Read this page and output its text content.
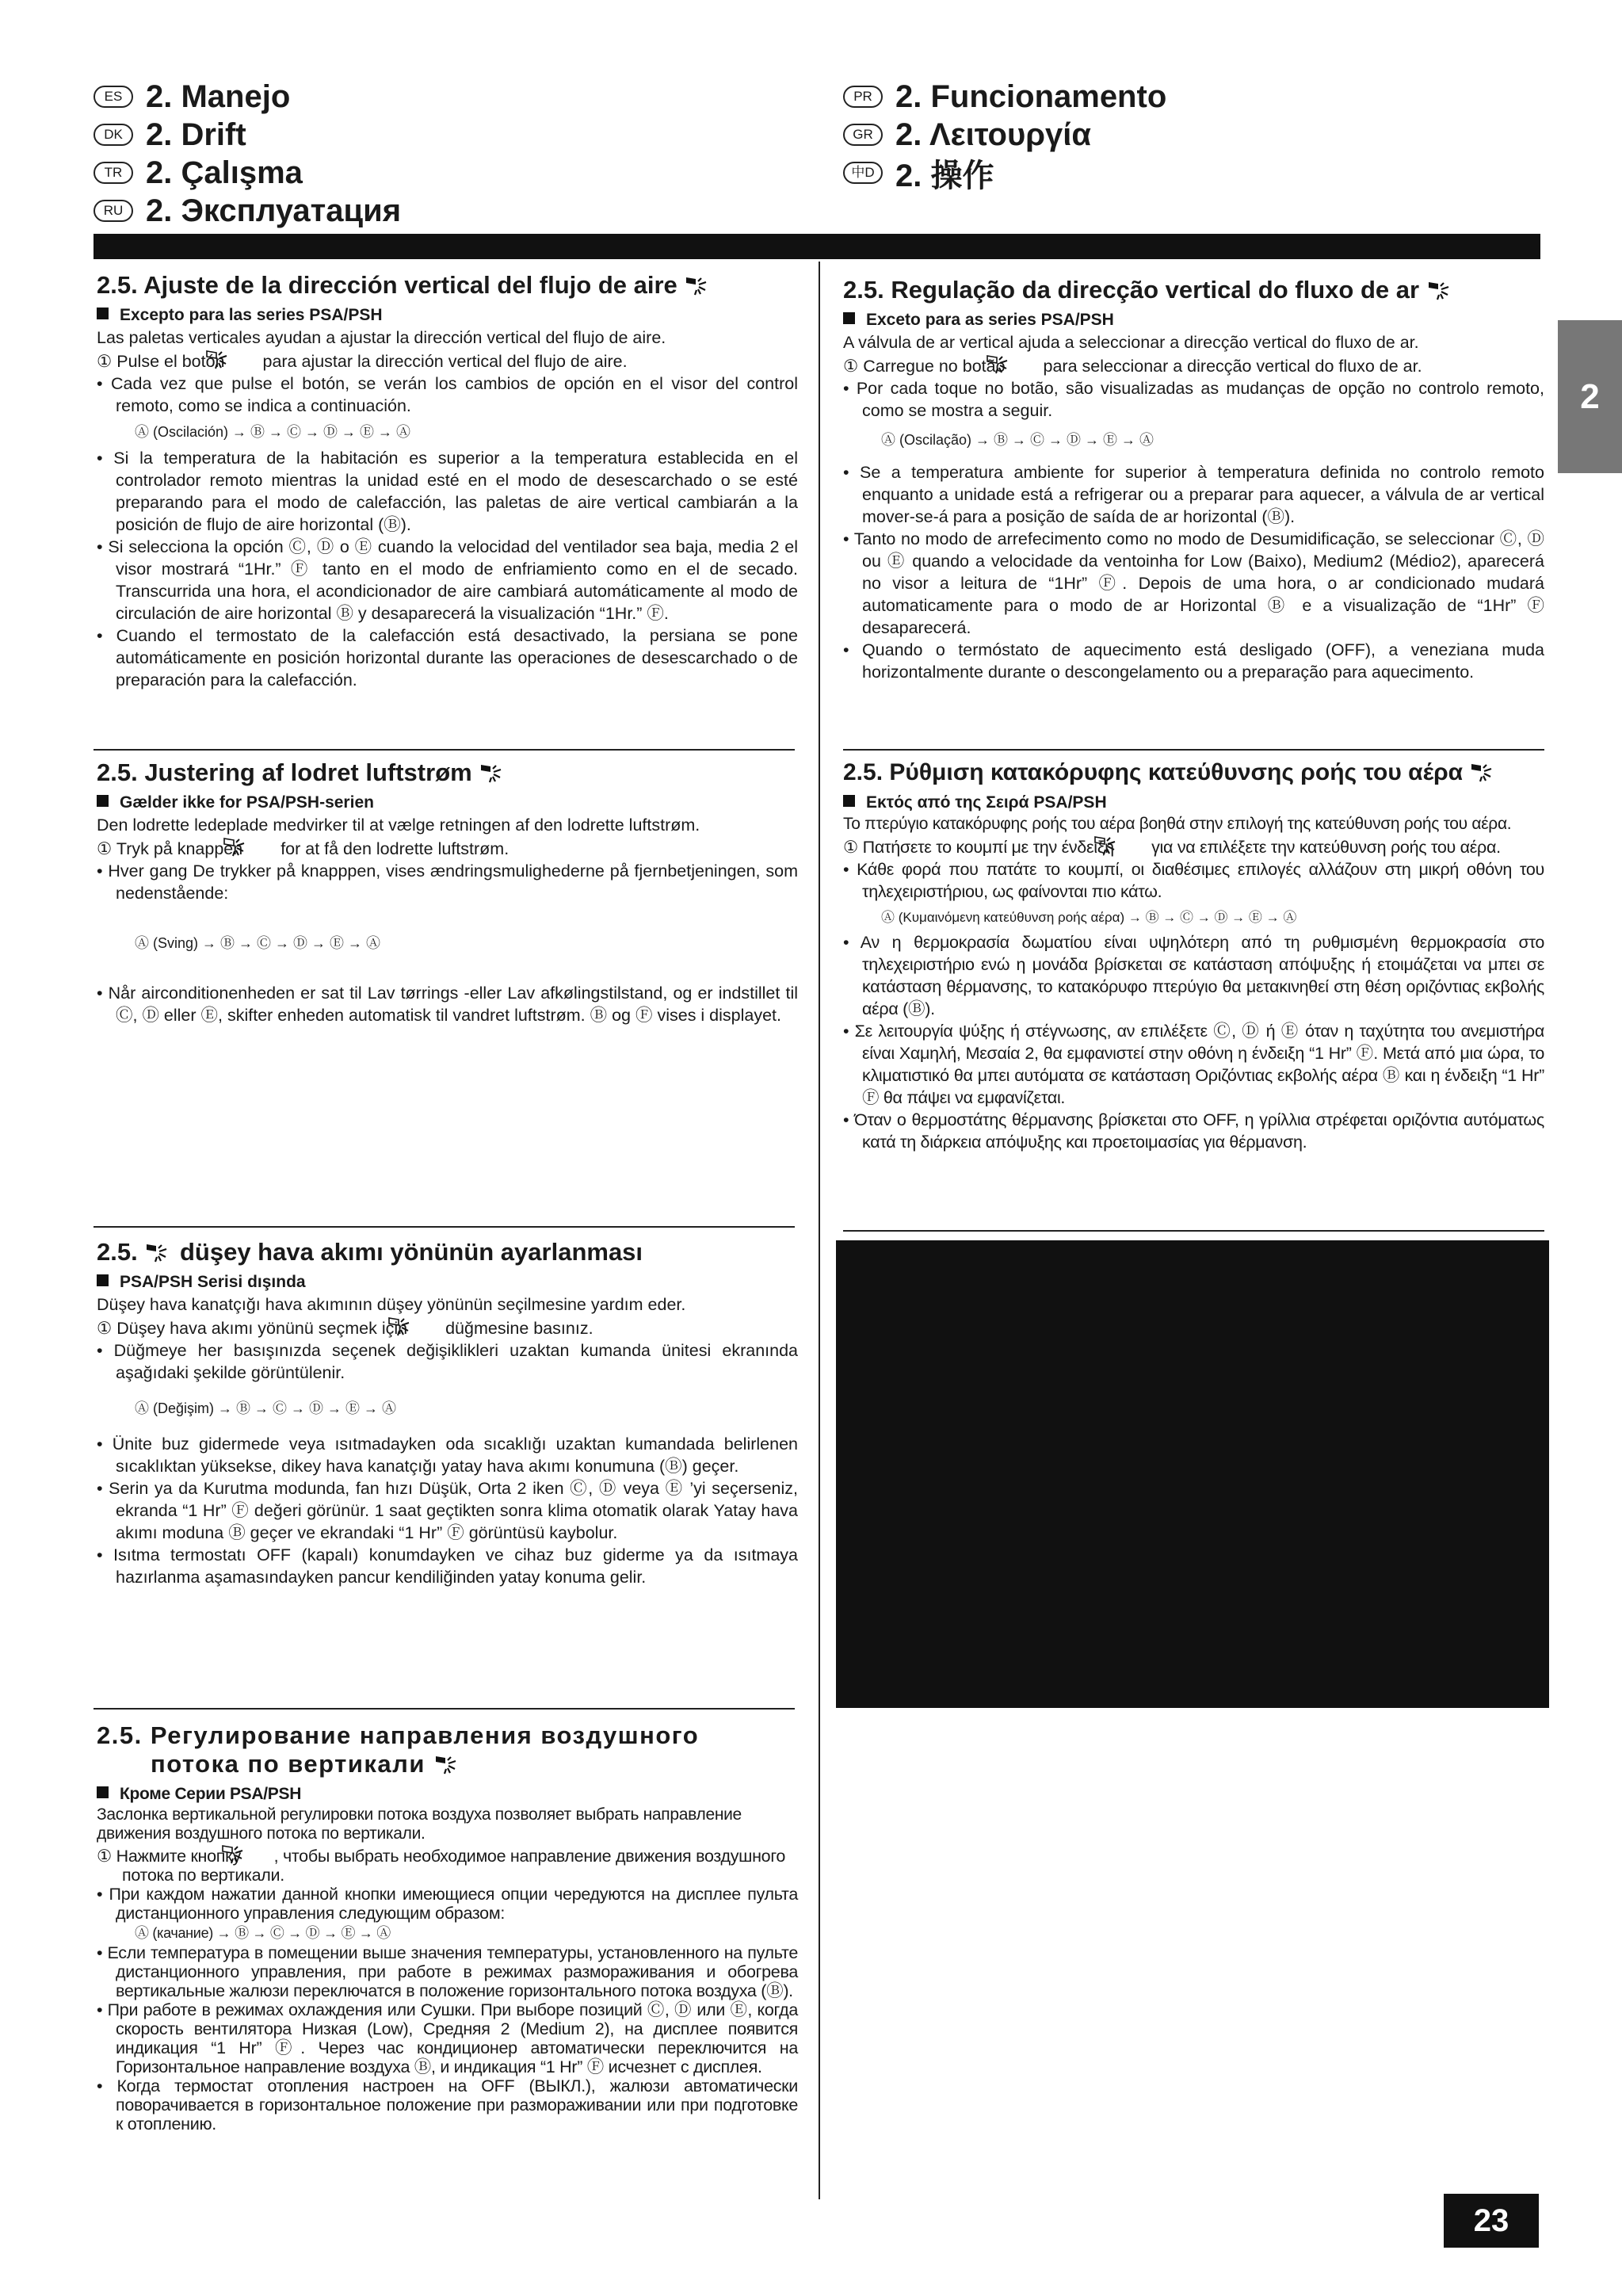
ES 2. Manejo
DK 2. Drift
TR 2. Çalışma
RU 2. Эксплуатация
PR 2. Funcionamento
GR 2. Λειτουργία
中D 2. 操作
2
2.5. Ajuste de la dirección vertical del flujo de aire

Excepto para las series PSA/PSH

Las paletas verticales ayudan a ajustar la dirección vertical del flujo de aire.

① Pulse el botón para ajustar la dirección vertical del flujo de aire.

• Cada vez que pulse el botón, se verán los cambios de opción en el visor del control remoto, como se indica a continuación.

Ⓐ (Oscilación) → Ⓑ → Ⓒ → Ⓓ → Ⓔ → Ⓐ

• Si la temperatura de la habitación es superior a la temperatura establecida en el controlador remoto mientras la unidad esté en el modo de desescarchado o se esté preparando para el modo de calefacción, las paletas de aire vertical cambiarán a la posición de flujo de aire horizontal (Ⓑ).

• Si selecciona la opción Ⓒ, Ⓓ o Ⓔ cuando la velocidad del ventilador sea baja, media 2 el visor mostrará “1Hr.” Ⓕ tanto en el modo de enfriamiento como en el de secado. Transcurrida una hora, el acondicionador de aire cambiará automáticamente al modo de circulación de aire horizontal Ⓑ y desaparecerá la visualización “1Hr.” Ⓕ.

• Cuando el termostato de la calefacción está desactivado, la persiana se pone automáticamente en posición horizontal durante las operaciones de desescarchado o de preparación para la calefacción.

2.5. Justering af lodret luftstrøm

Gælder ikke for PSA/PSH-serien

Den lodrette ledeplade medvirker til at vælge retningen af den lodrette luftstrøm.

① Tryk på knappen for at få den lodrette luftstrøm.

• Hver gang De trykker på knapppen, vises ændringsmulighederne på fjernbetjeningen, som nedenstående:

Ⓐ (Sving) → Ⓑ → Ⓒ → Ⓓ → Ⓔ → Ⓐ

• Når airconditionenheden er sat til Lav tørrings -eller Lav afkølingstilstand, og er indstillet til Ⓒ, Ⓓ eller Ⓔ, skifter enheden automatisk til vandret luftstrøm. Ⓑ og Ⓕ vises i displayet.

2.5. düşey hava akımı yönünün ayarlanması

PSA/PSH Serisi dışında

Düşey hava kanatçığı hava akımının düşey yönünün seçilmesine yardım eder.

① Düşey hava akımı yönünü seçmek için düğmesine basınız.

• Düğmeye her basışınızda seçenek değişiklikleri uzaktan kumanda ünitesi ekranında aşağıdaki şekilde görüntülenir.

Ⓐ (Değişim) → Ⓑ → Ⓒ → Ⓓ → Ⓔ → Ⓐ

• Ünite buz gidermede veya ısıtmadayken oda sıcaklığı uzaktan kumandada belirlenen sıcaklıktan yüksekse, dikey hava kanatçığı yatay hava akımı konumuna (Ⓑ) geçer.

• Serin ya da Kurutma modunda, fan hızı Düşük, Orta 2 iken Ⓒ, Ⓓ veya Ⓔ ’yi seçerseniz, ekranda “1 Hr” Ⓕ değeri görünür. 1 saat geçtikten sonra klima otomatik olarak Yatay hava akımı moduna Ⓑ geçer ve ekrandaki “1 Hr” Ⓕ görüntüsü kaybolur.

• Isıtma termostatı OFF (kapalı) konumdayken ve cihaz buz giderme ya da ısıtmaya hazırlanma aşamasındayken pancur kendiliğinden yatay konuma gelir.

2.5. Регулирование направления воздушного
потока по вертикали

Кроме Серии PSA/PSH

Заслонка вертикальной регулировки потока воздуха позволяет выбрать направление движения воздушного потока по вертикали.

① Нажмите кнопку , чтобы выбрать необходимое направление движения воздушного потока по вертикали.

• При каждом нажатии данной кнопки имеющиеся опции чередуются на дисплее пульта дистанционного управления следующим образом:

Ⓐ (качание) → Ⓑ → Ⓒ → Ⓓ → Ⓔ → Ⓐ

• Если температура в помещении выше значения температуры, установленного на пульте дистанционного управления, при работе в режимах размораживания и обогрева вертикальные жалюзи переключатся в положение горизонтального потока воздуха (Ⓑ).

• При работе в режимах охлаждения или Сушки. При выборе позиций Ⓒ, Ⓓ или Ⓔ, когда скорость вентилятора Низкая (Low), Средняя 2 (Medium 2), на дисплее появится индикация “1 Hr” Ⓕ. Через час кондиционер автоматически переключится на Горизонтальное направление воздуха Ⓑ, и индикация “1 Hr” Ⓕ исчезнет с дисплея.

• Когда термостат отопления настроен на OFF (ВЫКЛ.), жалюзи автоматически поворачивается в горизонтальное положение при размораживании или при подготовке к отоплению.

2.5. Regulação da direcção vertical do fluxo de ar

Exceto para as series PSA/PSH

A válvula de ar vertical ajuda a seleccionar a direcção vertical do fluxo de ar.

① Carregue no botão para seleccionar a direcção vertical do fluxo de ar.

• Por cada toque no botão, são visualizadas as mudanças de opção no controlo remoto, como se mostra a seguir.

Ⓐ (Oscilação) → Ⓑ → Ⓒ → Ⓓ → Ⓔ → Ⓐ

• Se a temperatura ambiente for superior à temperatura definida no controlo remoto enquanto a unidade está a refrigerar ou a preparar para aquecer, a válvula de ar vertical mover-se-á para a posição de saída de ar horizontal (Ⓑ).

• Tanto no modo de arrefecimento como no modo de Desumidificação, se seleccionar Ⓒ, Ⓓ ou Ⓔ quando a velocidade da ventoinha for Low (Baixo), Medium2 (Médio2), aparecerá no visor a leitura de “1Hr” Ⓕ. Depois de uma hora, o ar condicionado mudará automaticamente para o modo de ar Horizontal Ⓑ e a visualização de “1Hr” Ⓕ desaparecerá.

• Quando o termóstato de aquecimento está desligado (OFF), a veneziana muda horizontalmente durante o descongelamento ou a preparação para aquecimento.

2.5. Ρύθμιση κατακόρυφης κατεύθυνσης ροής του αέρα

Εκτός από της Σειρά PSA/PSH

Το πτερύγιο κατακόρυφης ροής του αέρα βοηθά στην επιλογή της κατεύθυνση ροής του αέρα.

① Πατήσετε το κουμπί με την ένδειξη για να επιλέξετε την κατεύθυνση ροής του αέρα.

• Κάθε φορά που πατάτε το κουμπί, οι διαθέσιμες επιλογές αλλάζουν στη μικρή οθόνη του τηλεχειριστήριου, ως φαίνονται πιο κάτω.

Ⓐ (Κυμαινόμενη κατεύθυνση ροής αέρα) → Ⓑ → Ⓒ → Ⓓ → Ⓔ → Ⓐ

• Αν η θερμοκρασία δωματίου είναι υψηλότερη από τη ρυθμισμένη θερμοκρασία στο τηλεχειριστήριο ενώ η μονάδα βρίσκεται σε κατάσταση απόψυξης ή ετοιμάζεται να μπει σε κατάσταση θέρμανσης, το κατακόρυφο πτερύγιο θα μετακινηθεί στη θέση οριζόντιας εκβολής αέρα (Ⓑ).

• Σε λειτουργία ψύξης ή στέγνωσης, αν επιλέξετε Ⓒ, Ⓓ ή Ⓔ όταν η ταχύτητα του ανεμιστήρα είναι Χαμηλή, Μεσαία 2, θα εμφανιστεί στην οθόνη η ένδειξη “1 Hr” Ⓕ. Μετά από μια ώρα, το κλιματιστικό θα μπει αυτόματα σε κατάσταση Οριζόντιας εκβολής αέρα Ⓑ και η ένδειξη “1 Hr” Ⓕ θα πάψει να εμφανίζεται.

• Όταν ο θερμοστάτης θέρμανσης βρίσκεται στο OFF, η γρίλλια στρέφεται οριζόντια αυτόματως κατά τη διάρκεια απόψυξης και προετοιμασίας για θέρμανση.

23
